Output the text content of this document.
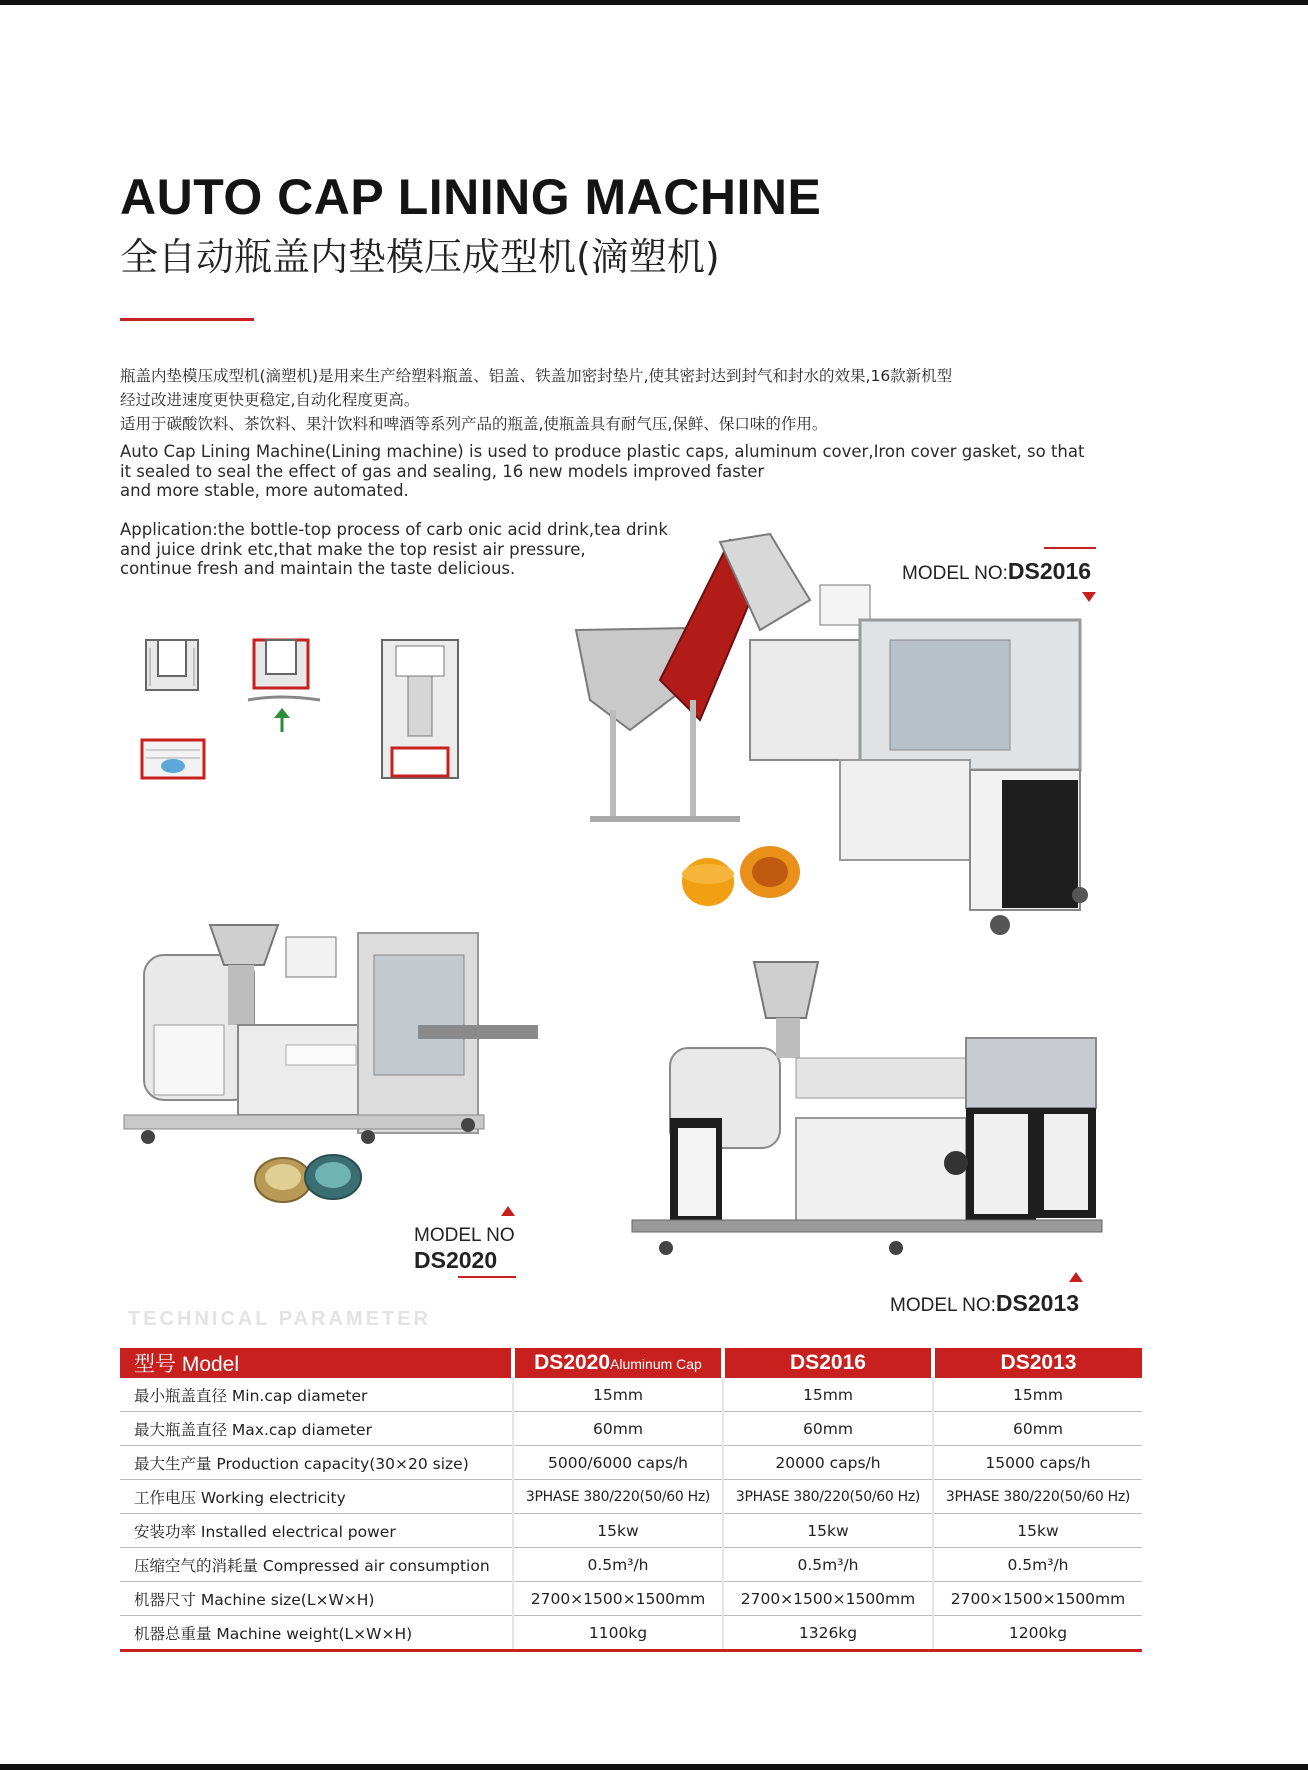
AUTO CAP LINING MACHINE
全自动瓶盖内垫模压成型机(滴塑机)
瓶盖内垫模压成型机(滴塑机)是用来生产给塑料瓶盖、铝盖、铁盖加密封垫片,使其密封达到封气和封水的效果,16款新机型
经过改进速度更快更稳定,自动化程度更高。
适用于碳酸饮料、茶饮料、果汁饮料和啤酒等系列产品的瓶盖,使瓶盖具有耐气压,保鲜、保口味的作用。
Auto Cap Lining Machine(Lining machine) is used to produce plastic caps, aluminum cover,Iron cover gasket, so that
it sealed to seal the effect of gas and sealing, 16 new models improved faster
and more stable, more automated.
Application:the bottle-top process of carb onic acid drink,tea drink
and juice drink etc,that make the top resist air pressure,
continue fresh and maintain the taste delicious.	MODEL NO:DS2016
MODEL NO
DS2020
MODEL NO:DS2013
TECHNICAL PARAMETER
型号 Model	DS2020Aluminum Cap	DS2016	DS2013
最小瓶盖直径 Min.cap diameter	15mm	15mm	15mm
最大瓶盖直径 Max.cap diameter	60mm	60mm	60mm
最大生产量 Production capacity(30×20 size)	5000/6000 caps/h	20000 caps/h	15000 caps/h
工作电压 Working electricity	3PHASE 380/220(50/60 Hz)	3PHASE 380/220(50/60 Hz)	3PHASE 380/220(50/60 Hz)
安装功率 Installed electrical power	15kw	15kw	15kw
压缩空气的消耗量 Compressed air consumption	0.5m³/h	0.5m³/h	0.5m³/h
机器尺寸 Machine size(L×W×H)	2700×1500×1500mm	2700×1500×1500mm	2700×1500×1500mm
机器总重量 Machine weight(L×W×H)	1100kg	1326kg	1200kg
